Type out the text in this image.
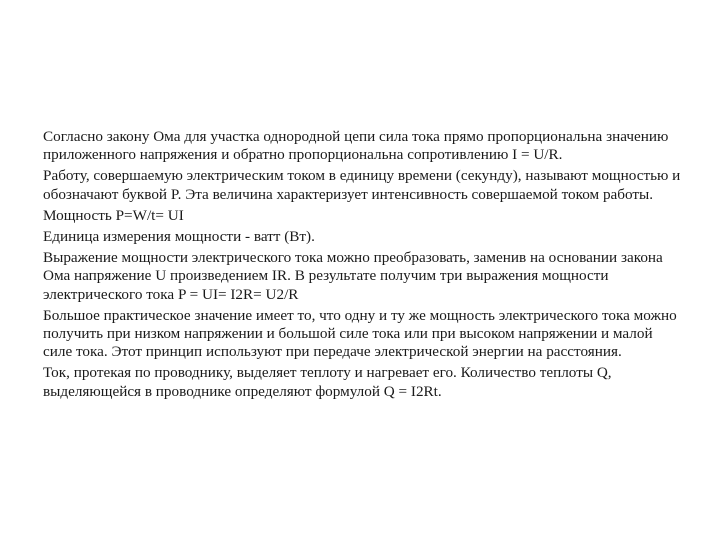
Согласно закону Ома для участка однородной цепи сила тока прямо пропорциональна значению приложенного напряжения и обратно пропорциональна сопротивлению I = U/R.

Работу, совершаемую электрическим током в единицу времени (секунду), называют мощностью и обозначают буквой P. Эта величина характеризует интенсивность совершаемой током работы.

Мощность P=W/t= UI

Единица измерения мощности - ватт (Вт).

Выражение мощности электрического тока можно преобразовать, заменив на основании закона Ома напряжение U произведением IR. В результате получим три выражения мощности электрического тока P = UI= I2R= U2/R

Большое практическое значение имеет то, что одну и ту же мощность электрического тока можно получить при низком напряжении и большой силе тока или при высоком напряжении и малой силе тока. Этот принцип используют при передаче электрической энергии на расстояния.

Ток, протекая по проводнику, выделяет теплоту и нагревает его. Количество теплоты Q, выделяющейся в проводнике определяют формулой Q = I2Rt.
